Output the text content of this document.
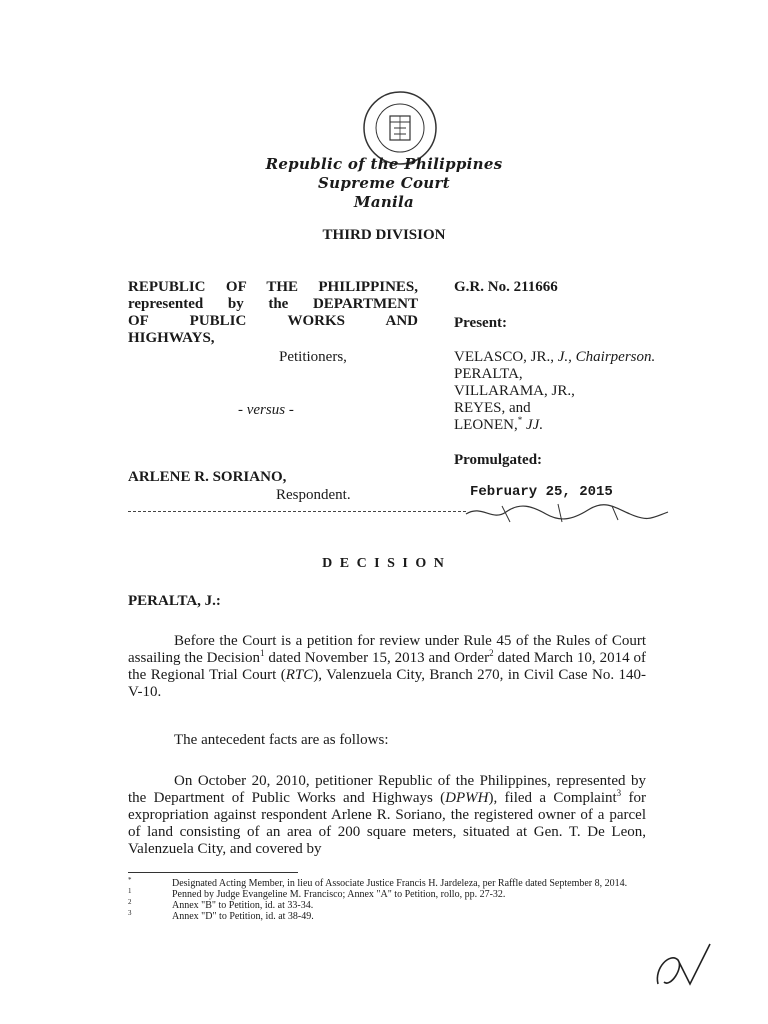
Republic of the Philippines
Supreme Court
Manila
THIRD DIVISION
REPUBLIC OF THE PHILIPPINES,
represented by the DEPARTMENT
OF PUBLIC WORKS AND
HIGHWAYS,
Petitioners,
- versus -
ARLENE R. SORIANO,
Respondent.
G.R. No. 211666
Present:
VELASCO, JR., J., Chairperson.
PERALTA,
VILLARAMA, JR.,
REYES, and
LEONEN,* JJ.
Promulgated:
February 25, 2015
D E C I S I O N
PERALTA, J.:

Before the Court is a petition for review under Rule 45 of the Rules of Court assailing the Decision$^1$ dated November 15, 2013 and Order$^2$ dated March 10, 2014 of the Regional Trial Court (RTC), Valenzuela City, Branch 270, in Civil Case No. 140-V-10.

The antecedent facts are as follows:

On October 20, 2010, petitioner Republic of the Philippines, represented by the Department of Public Works and Highways (DPWH), filed a Complaint$^3$ for expropriation against respondent Arlene R. Soriano, the registered owner of a parcel of land consisting of an area of 200 square meters, situated at Gen. T. De Leon, Valenzuela City, and covered by

*	Designated Acting Member, in lieu of Associate Justice Francis H. Jardeleza, per Raffle dated September 8, 2014.
1	Penned by Judge Evangeline M. Francisco; Annex "A" to Petition, rollo, pp. 27-32.
2	Annex "B" to Petition, id. at 33-34.
3	Annex "D" to Petition, id. at 38-49.
